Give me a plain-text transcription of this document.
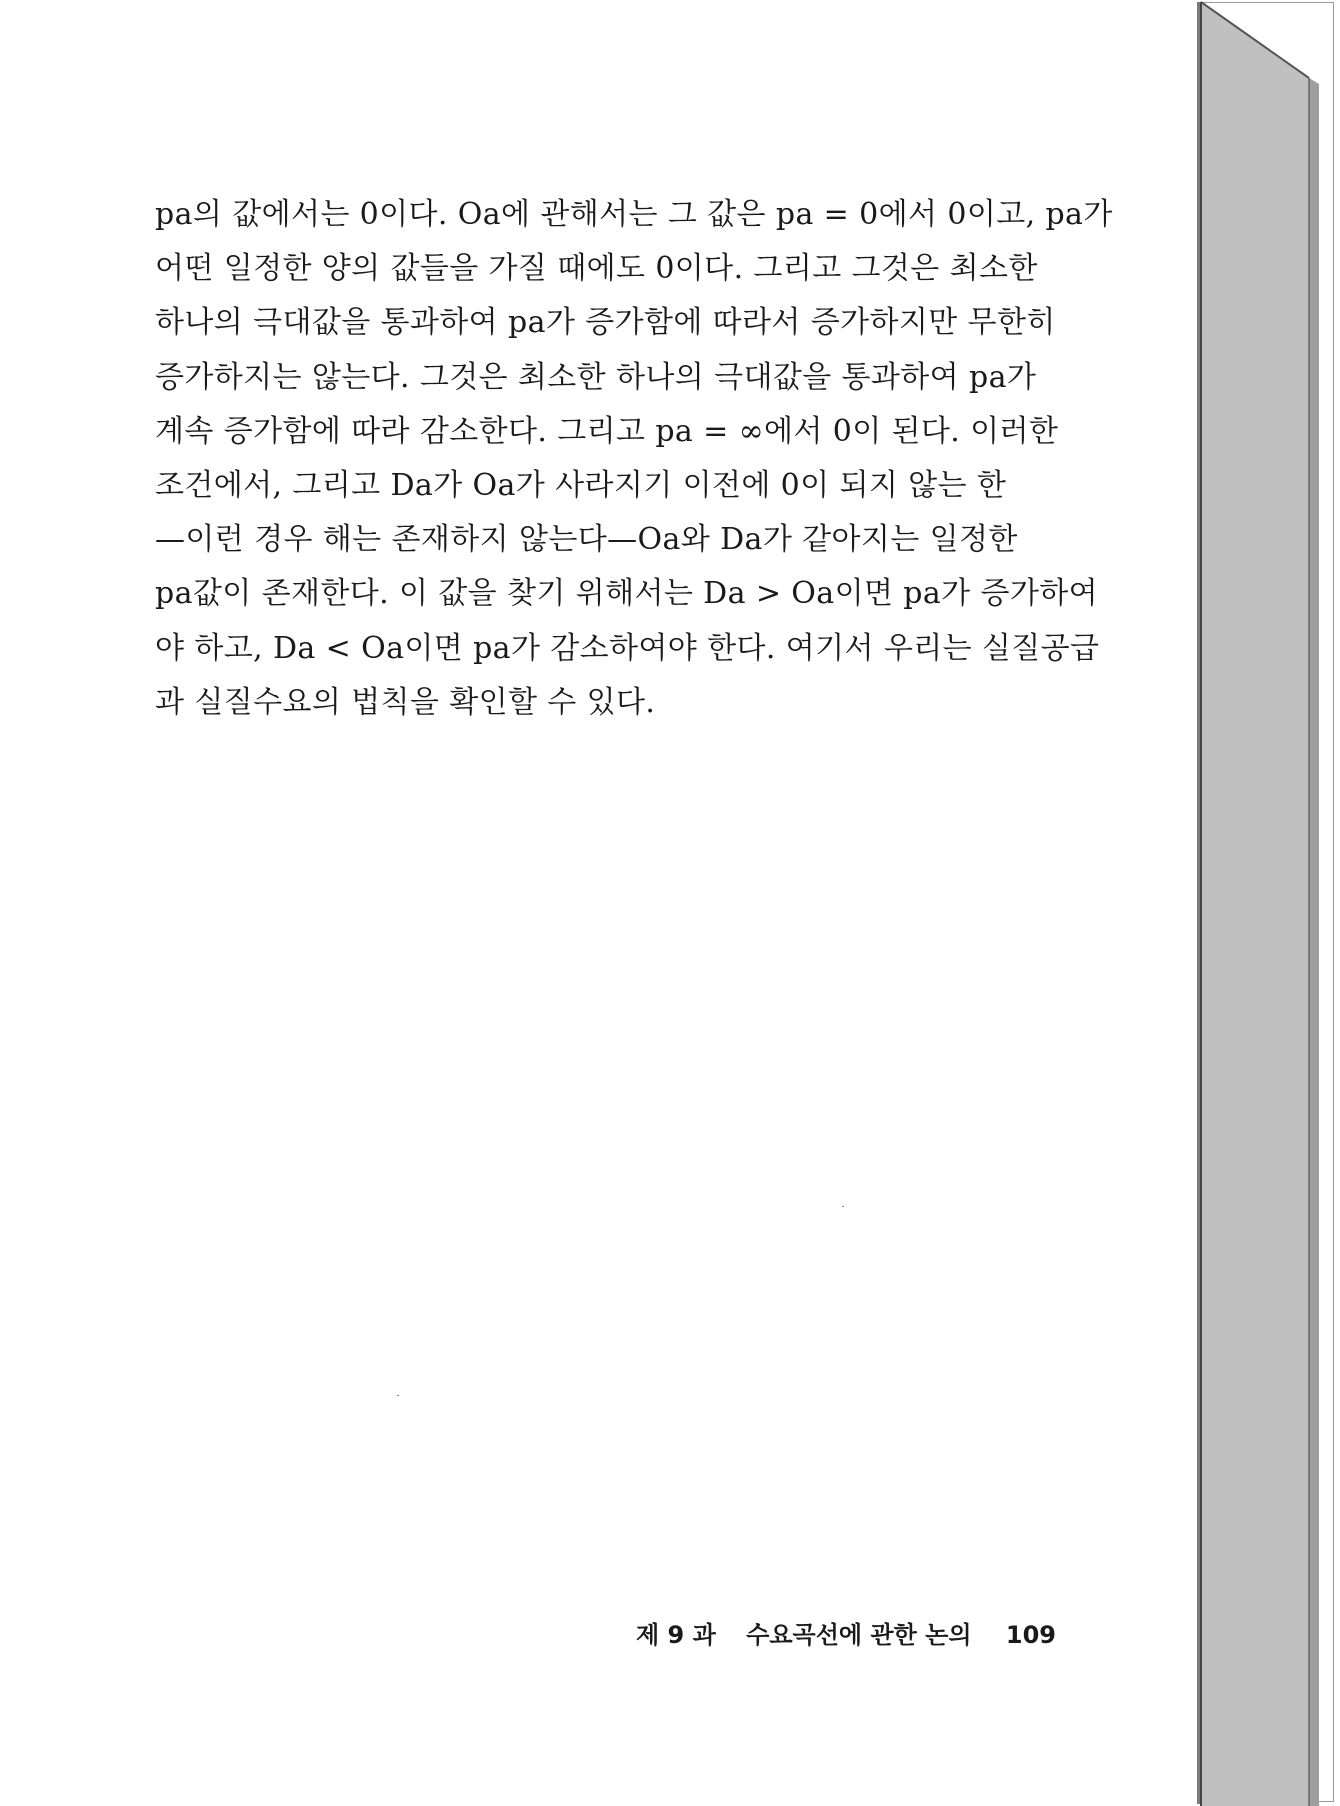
pa의 값에서는 0이다. Oa에 관해서는 그 값은 pa = 0에서 0이고, pa가
어떤 일정한 양의 값들을 가질 때에도 0이다. 그리고 그것은 최소한
하나의 극대값을 통과하여 pa가 증가함에 따라서 증가하지만 무한히
증가하지는 않는다. 그것은 최소한 하나의 극대값을 통과하여 pa가
계속 증가함에 따라 감소한다. 그리고 pa = ∞에서 0이 된다. 이러한
조건에서, 그리고 Da가 Oa가 사라지기 이전에 0이 되지 않는 한
—이런 경우 해는 존재하지 않는다—Oa와 Da가 같아지는 일정한
pa값이 존재한다. 이 값을 찾기 위해서는 Da > Oa이면 pa가 증가하여
야 하고, Da < Oa이면 pa가 감소하여야 한다. 여기서 우리는 실질공급
과 실질수요의 법칙을 확인할 수 있다.
제 9 과 수요곡선에 관한 논의 109
